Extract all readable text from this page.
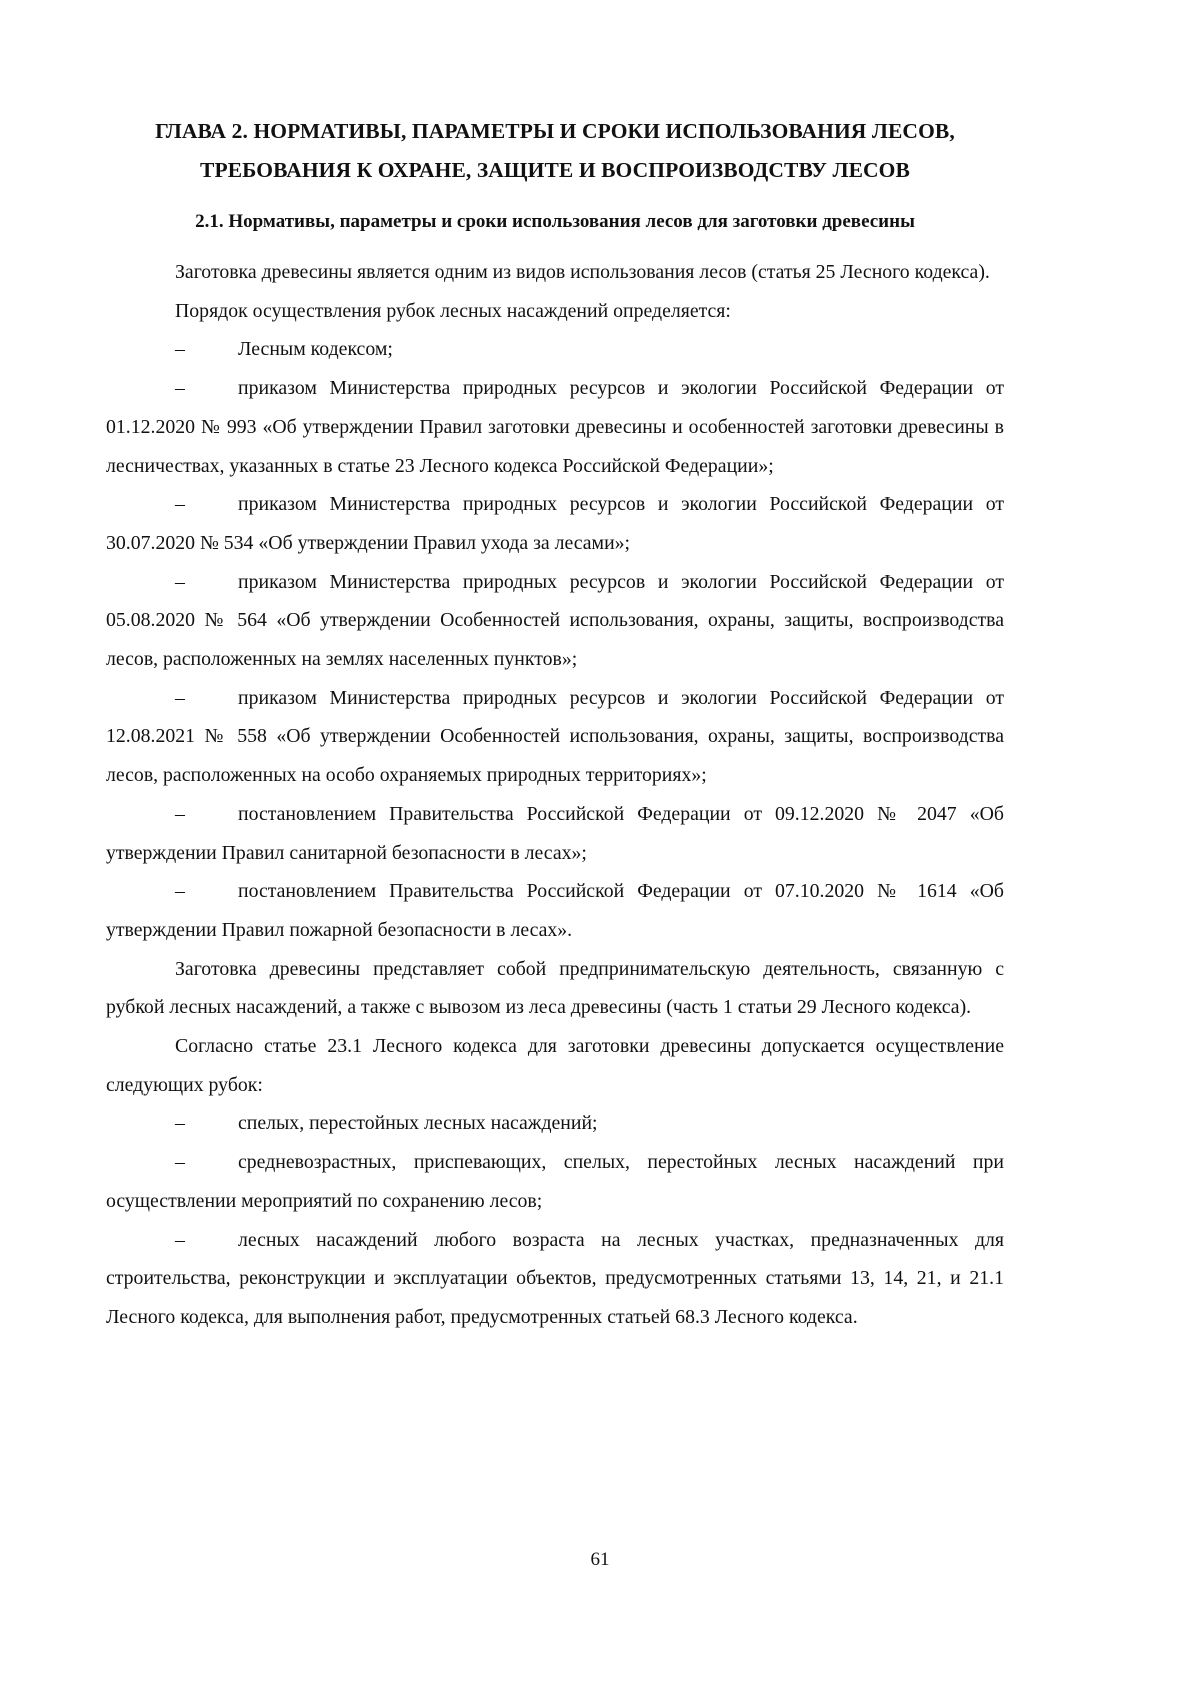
ГЛАВА 2. НОРМАТИВЫ, ПАРАМЕТРЫ И СРОКИ ИСПОЛЬЗОВАНИЯ ЛЕСОВ,
ТРЕБОВАНИЯ К ОХРАНЕ, ЗАЩИТЕ И ВОСПРОИЗВОДСТВУ ЛЕСОВ
2.1. Нормативы, параметры и сроки использования лесов для заготовки древесины

Заготовка древесины является одним из видов использования лесов (статья 25 Лесного кодекса).

Порядок осуществления рубок лесных насаждений определяется:

–	Лесным кодексом;

–	приказом Министерства природных ресурсов и экологии Российской Федерации от 01.12.2020 № 993 «Об утверждении Правил заготовки древесины и особенностей заготовки древесины в лесничествах, указанных в статье 23 Лесного кодекса Российской Федерации»;

–	приказом Министерства природных ресурсов и экологии Российской Федерации от 30.07.2020 № 534 «Об утверждении Правил ухода за лесами»;

–	приказом Министерства природных ресурсов и экологии Российской Федерации от 05.08.2020 № 564 «Об утверждении Особенностей использования, охраны, защиты, воспроизводства лесов, расположенных на землях населенных пунктов»;

–	приказом Министерства природных ресурсов и экологии Российской Федерации от 12.08.2021 № 558 «Об утверждении Особенностей использования, охраны, защиты, воспроизводства лесов, расположенных на особо охраняемых природных территориях»;

–	постановлением Правительства Российской Федерации от 09.12.2020 № 2047 «Об утверждении Правил санитарной безопасности в лесах»;

–	постановлением Правительства Российской Федерации от 07.10.2020 № 1614 «Об утверждении Правил пожарной безопасности в лесах».

Заготовка древесины представляет собой предпринимательскую деятельность, связанную с рубкой лесных насаждений, а также с вывозом из леса древесины (часть 1 статьи 29 Лесного кодекса).

Согласно статье 23.1 Лесного кодекса для заготовки древесины допускается осуществление следующих рубок:

–	спелых, перестойных лесных насаждений;

–	средневозрастных, приспевающих, спелых, перестойных лесных насаждений при осуществлении мероприятий по сохранению лесов;

–	лесных насаждений любого возраста на лесных участках, предназначенных для строительства, реконструкции и эксплуатации объектов, предусмотренных статьями 13, 14, 21, и 21.1 Лесного кодекса, для выполнения работ, предусмотренных статьей 68.3 Лесного кодекса.

61
